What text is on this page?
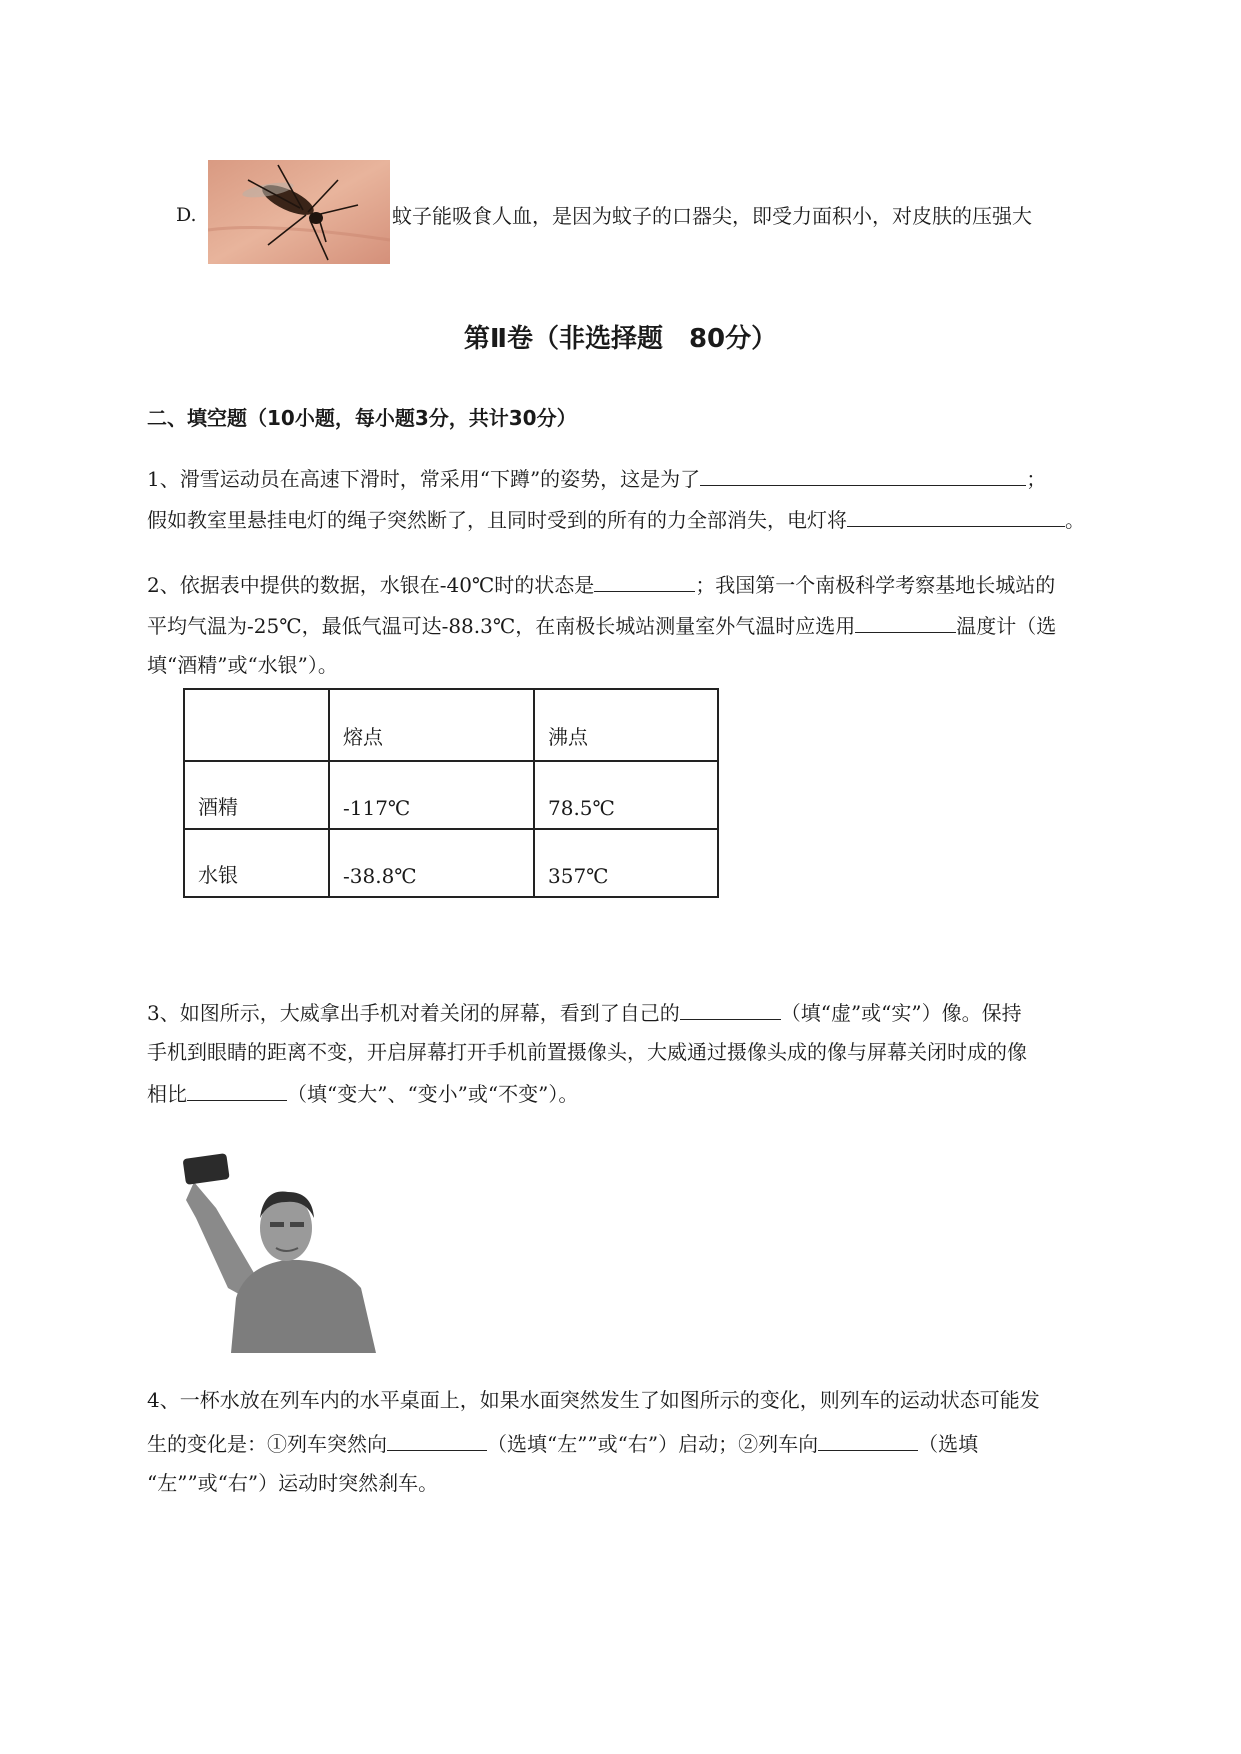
D.	蚊子能吸食人血，是因为蚊子的口器尖，即受力面积小，对皮肤的压强大
第Ⅱ卷（非选择题　80分）
二、填空题（10小题，每小题3分，共计30分）
1、滑雪运动员在高速下滑时，常采用“下蹲”的姿势，这是为了	；
假如教室里悬挂电灯的绳子突然断了，且同时受到的所有的力全部消失，电灯将	。
2、依据表中提供的数据，水银在-40℃时的状态是	；我国第一个南极科学考察基地长城站的
平均气温为-25℃，最低气温可达-88.3℃，在南极长城站测量室外气温时应选用	温度计（选
填“酒精”或“水银”）。
	熔点	沸点
酒精	-117℃	78.5℃
水银	-38.8℃	357℃
3、如图所示，大威拿出手机对着关闭的屏幕，看到了自己的	（填“虚”或“实”）像。保持
手机到眼睛的距离不变，开启屏幕打开手机前置摄像头，大威通过摄像头成的像与屏幕关闭时成的像
相比	（填“变大”、“变小”或“不变”）。
4、一杯水放在列车内的水平桌面上，如果水面突然发生了如图所示的变化，则列车的运动状态可能发
生的变化是：①列车突然向	（选填“左””或“右”）启动；②列车向	（选填
“左””或“右”）运动时突然刹车。
